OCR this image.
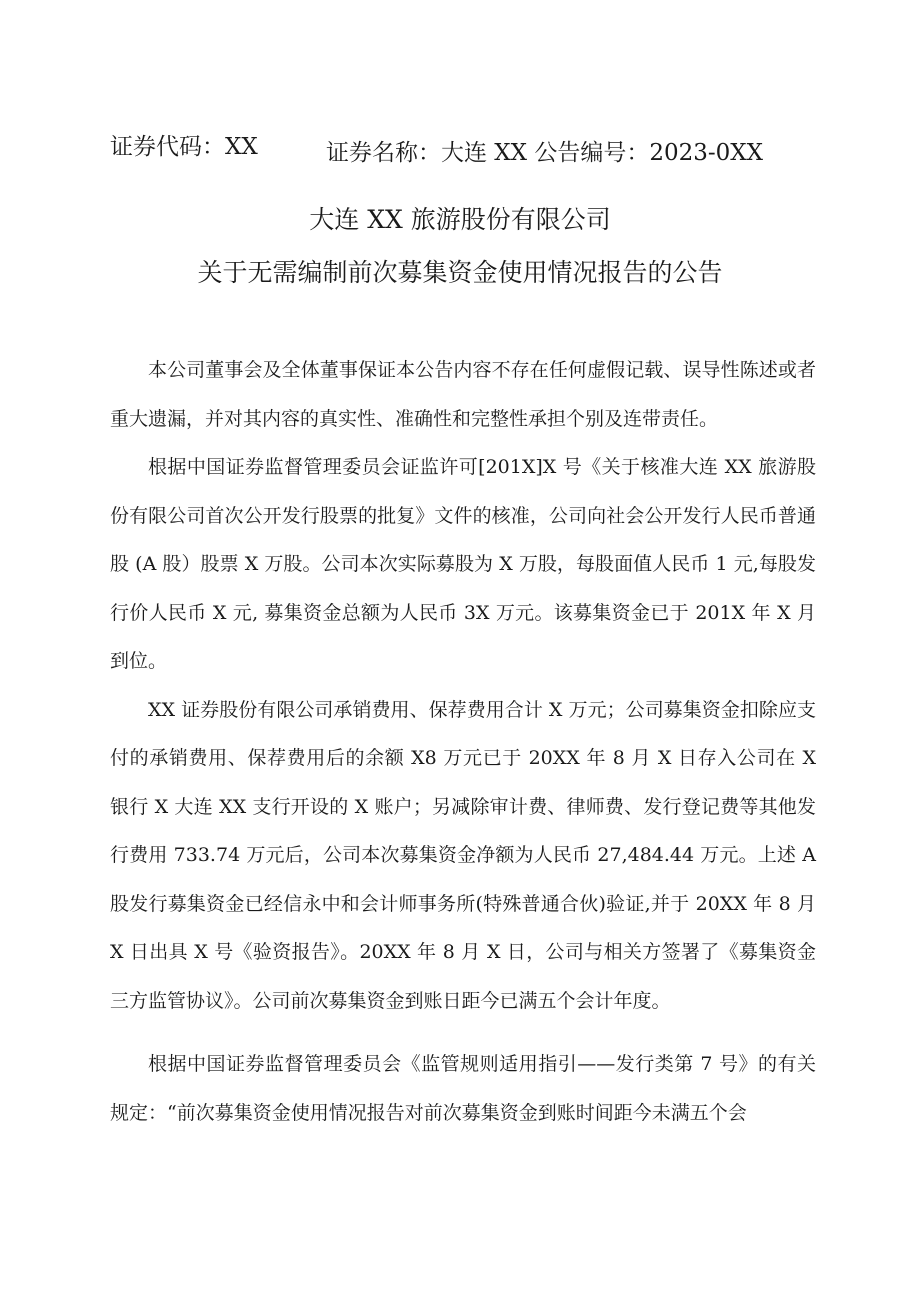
证券代码：XX	证券名称：大连 XX 公告编号：2023-0XX
大连 XX 旅游股份有限公司
关于无需编制前次募集资金使用情况报告的公告

本公司董事会及全体董事保证本公告内容不存在任何虚假记载、误导性陈述或者重大遗漏，并对其内容的真实性、准确性和完整性承担个别及连带责任。

根据中国证券监督管理委员会证监许可[201X]X 号《关于核准大连 XX 旅游股份有限公司首次公开发行股票的批复》文件的核准，公司向社会公开发行人民币普通股 (A 股）股票 X 万股。公司本次实际募股为 X 万股，每股面值人民币 1 元,每股发行价人民币 X 元, 募集资金总额为人民币 3X 万元。该募集资金已于 201X 年 X 月到位。

XX 证券股份有限公司承销费用、保荐费用合计 X 万元；公司募集资金扣除应支付的承销费用、保荐费用后的余额 X8 万元已于 20XX 年 8 月 X 日存入公司在 X 银行 X 大连 XX 支行开设的 X 账户；另减除审计费、律师费、发行登记费等其他发行费用 733.74 万元后，公司本次募集资金净额为人民币 27,484.44 万元。上述 A 股发行募集资金已经信永中和会计师事务所(特殊普通合伙)验证,并于 20XX 年 8 月 X 日出具 X 号《验资报告》。20XX 年 8 月 X 日，公司与相关方签署了《募集资金三方监管协议》。公司前次募集资金到账日距今已满五个会计年度。

根据中国证券监督管理委员会《监管规则适用指引——发行类第 7 号》的有关规定：“前次募集资金使用情况报告对前次募集资金到账时间距今未满五个会
